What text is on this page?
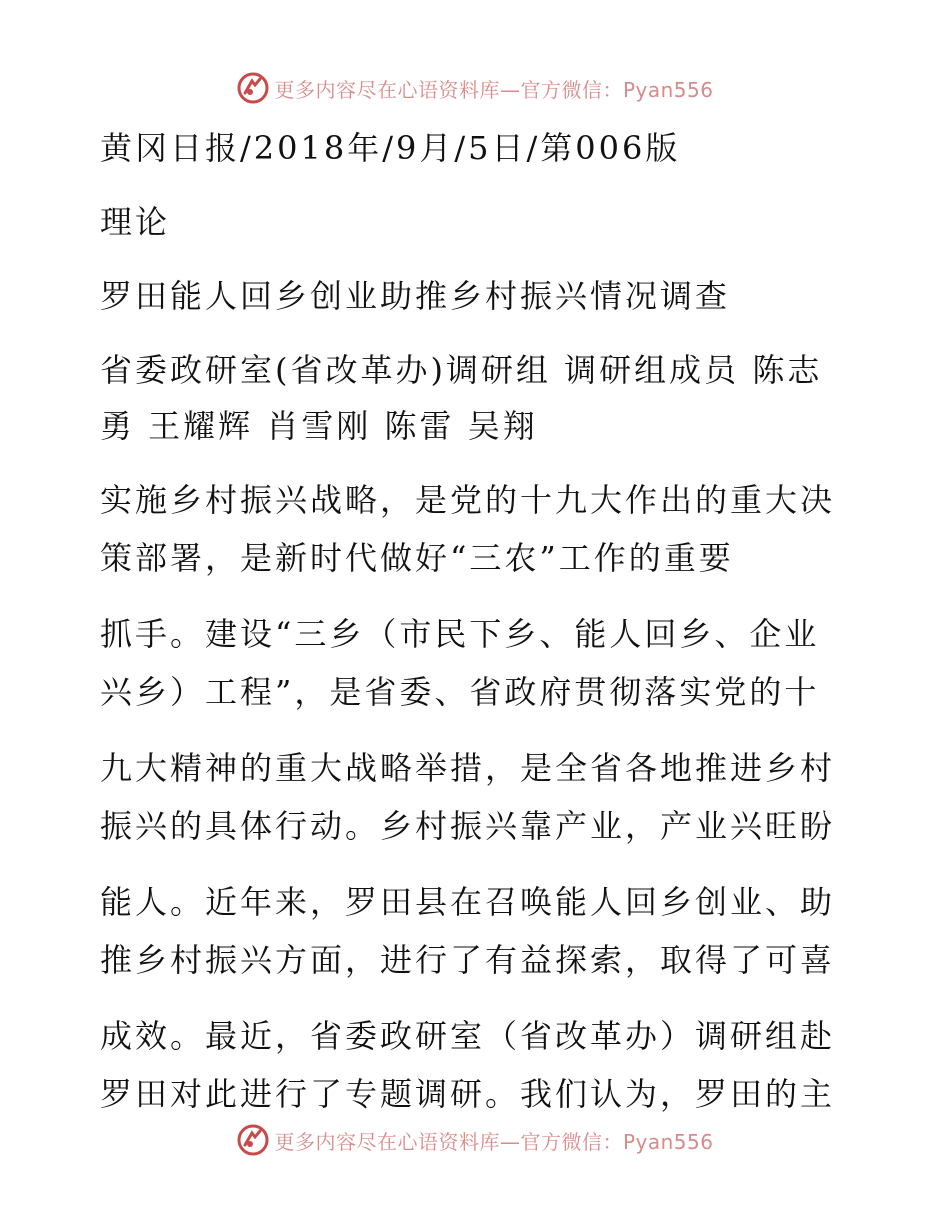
更多内容尽在心语资料库—官方微信：Pyan556
黄冈日报/2018年/9月/5日/第006版
理论
罗田能人回乡创业助推乡村振兴情况调查
省委政研室(省改革办)调研组 调研组成员 陈志
勇 王耀辉 肖雪刚 陈雷 吴翔
实施乡村振兴战略，是党的十九大作出的重大决
策部署，是新时代做好“三农”工作的重要
抓手。建设“三乡（市民下乡、能人回乡、企业
兴乡）工程”，是省委、省政府贯彻落实党的十
九大精神的重大战略举措，是全省各地推进乡村
振兴的具体行动。乡村振兴靠产业，产业兴旺盼
能人。近年来，罗田县在召唤能人回乡创业、助
推乡村振兴方面，进行了有益探索，取得了可喜
成效。最近，省委政研室（省改革办）调研组赴
罗田对此进行了专题调研。我们认为，罗田的主
更多内容尽在心语资料库—官方微信：Pyan556
